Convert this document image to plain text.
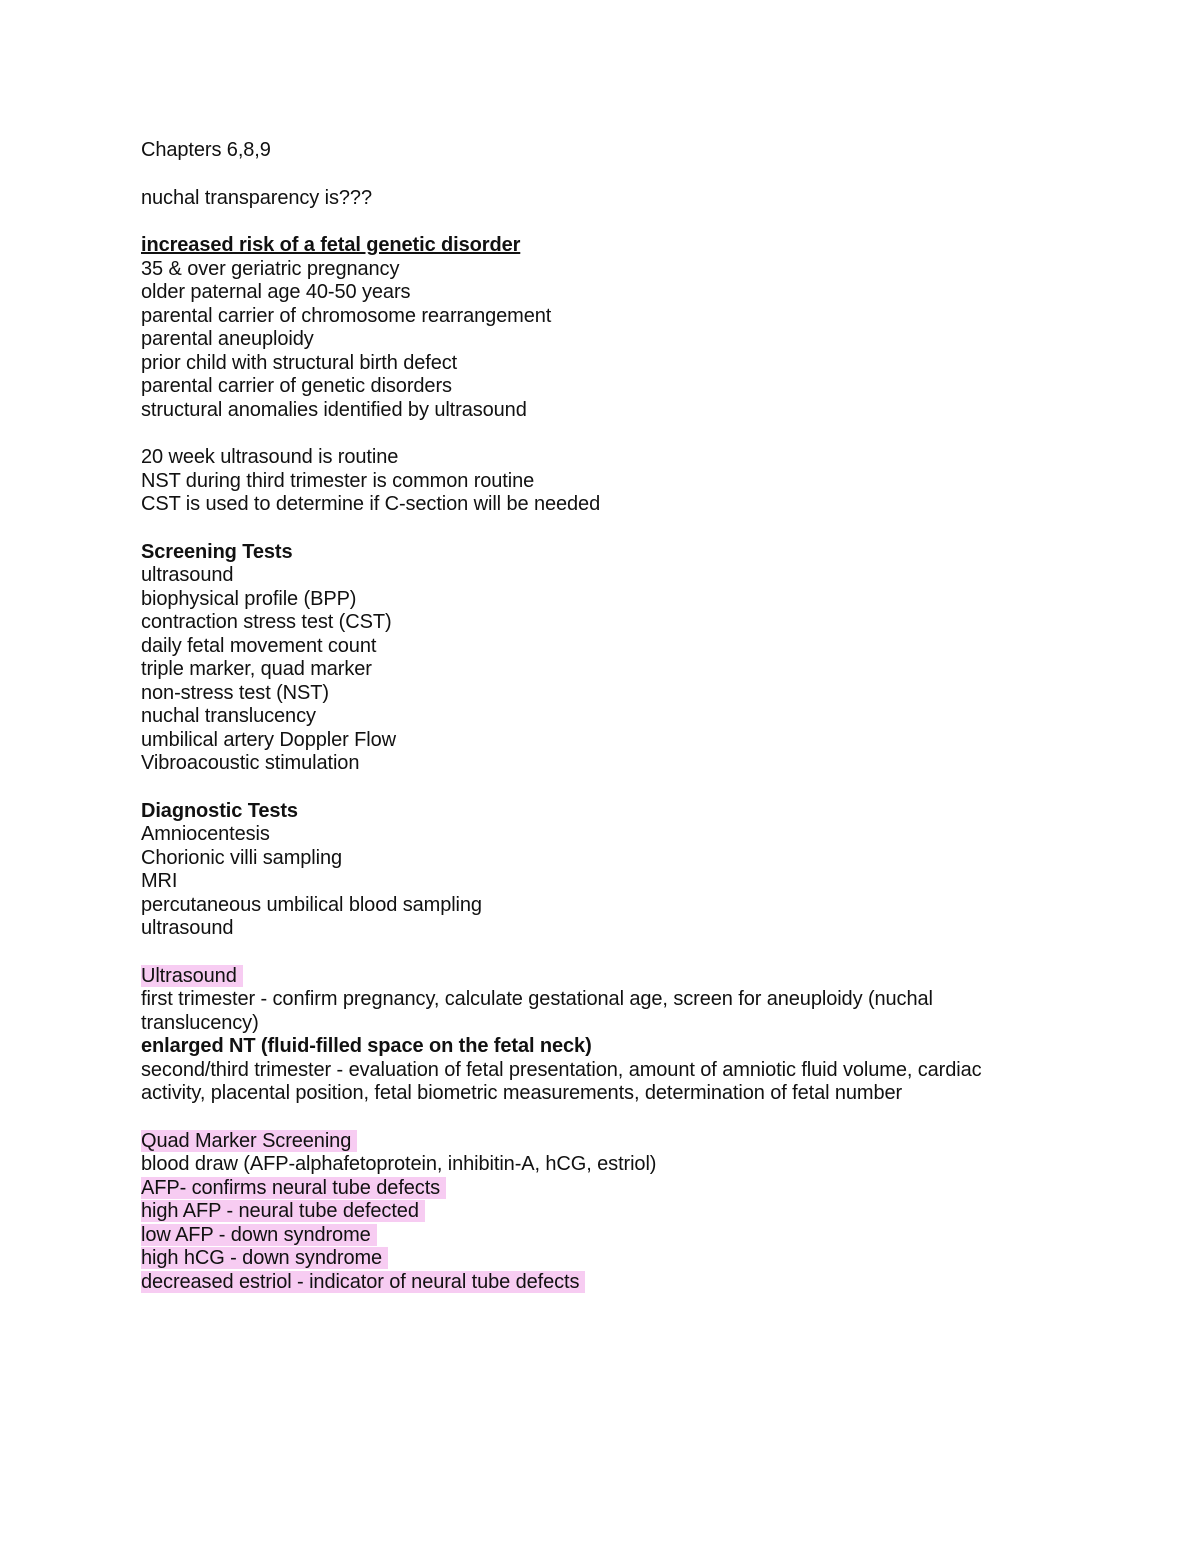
Chapters 6,8,9
nuchal transparency is???
increased risk of a fetal genetic disorder
35 & over geriatric pregnancy
older paternal age 40-50 years
parental carrier of chromosome rearrangement
parental aneuploidy
prior child with structural birth defect
parental carrier of genetic disorders
structural anomalies identified by ultrasound
20 week ultrasound is routine
NST during third trimester is common routine
CST is used to determine if C-section will be needed
Screening Tests
ultrasound
biophysical profile (BPP)
contraction stress test (CST)
daily fetal movement count
triple marker, quad marker
non-stress test (NST)
nuchal translucency
umbilical artery Doppler Flow
Vibroacoustic stimulation
Diagnostic Tests
Amniocentesis
Chorionic villi sampling
MRI
percutaneous umbilical blood sampling
ultrasound
Ultrasound
first trimester - confirm pregnancy, calculate gestational age, screen for aneuploidy (nuchal translucency)
enlarged NT (fluid-filled space on the fetal neck)
second/third trimester - evaluation of fetal presentation, amount of amniotic fluid volume, cardiac activity, placental position, fetal biometric measurements, determination of fetal number
Quad Marker Screening
blood draw (AFP-alphafetoprotein, inhibitin-A, hCG, estriol)
AFP- confirms neural tube defects
high AFP - neural tube defected
low AFP - down syndrome
high hCG - down syndrome
decreased estriol - indicator of neural tube defects
